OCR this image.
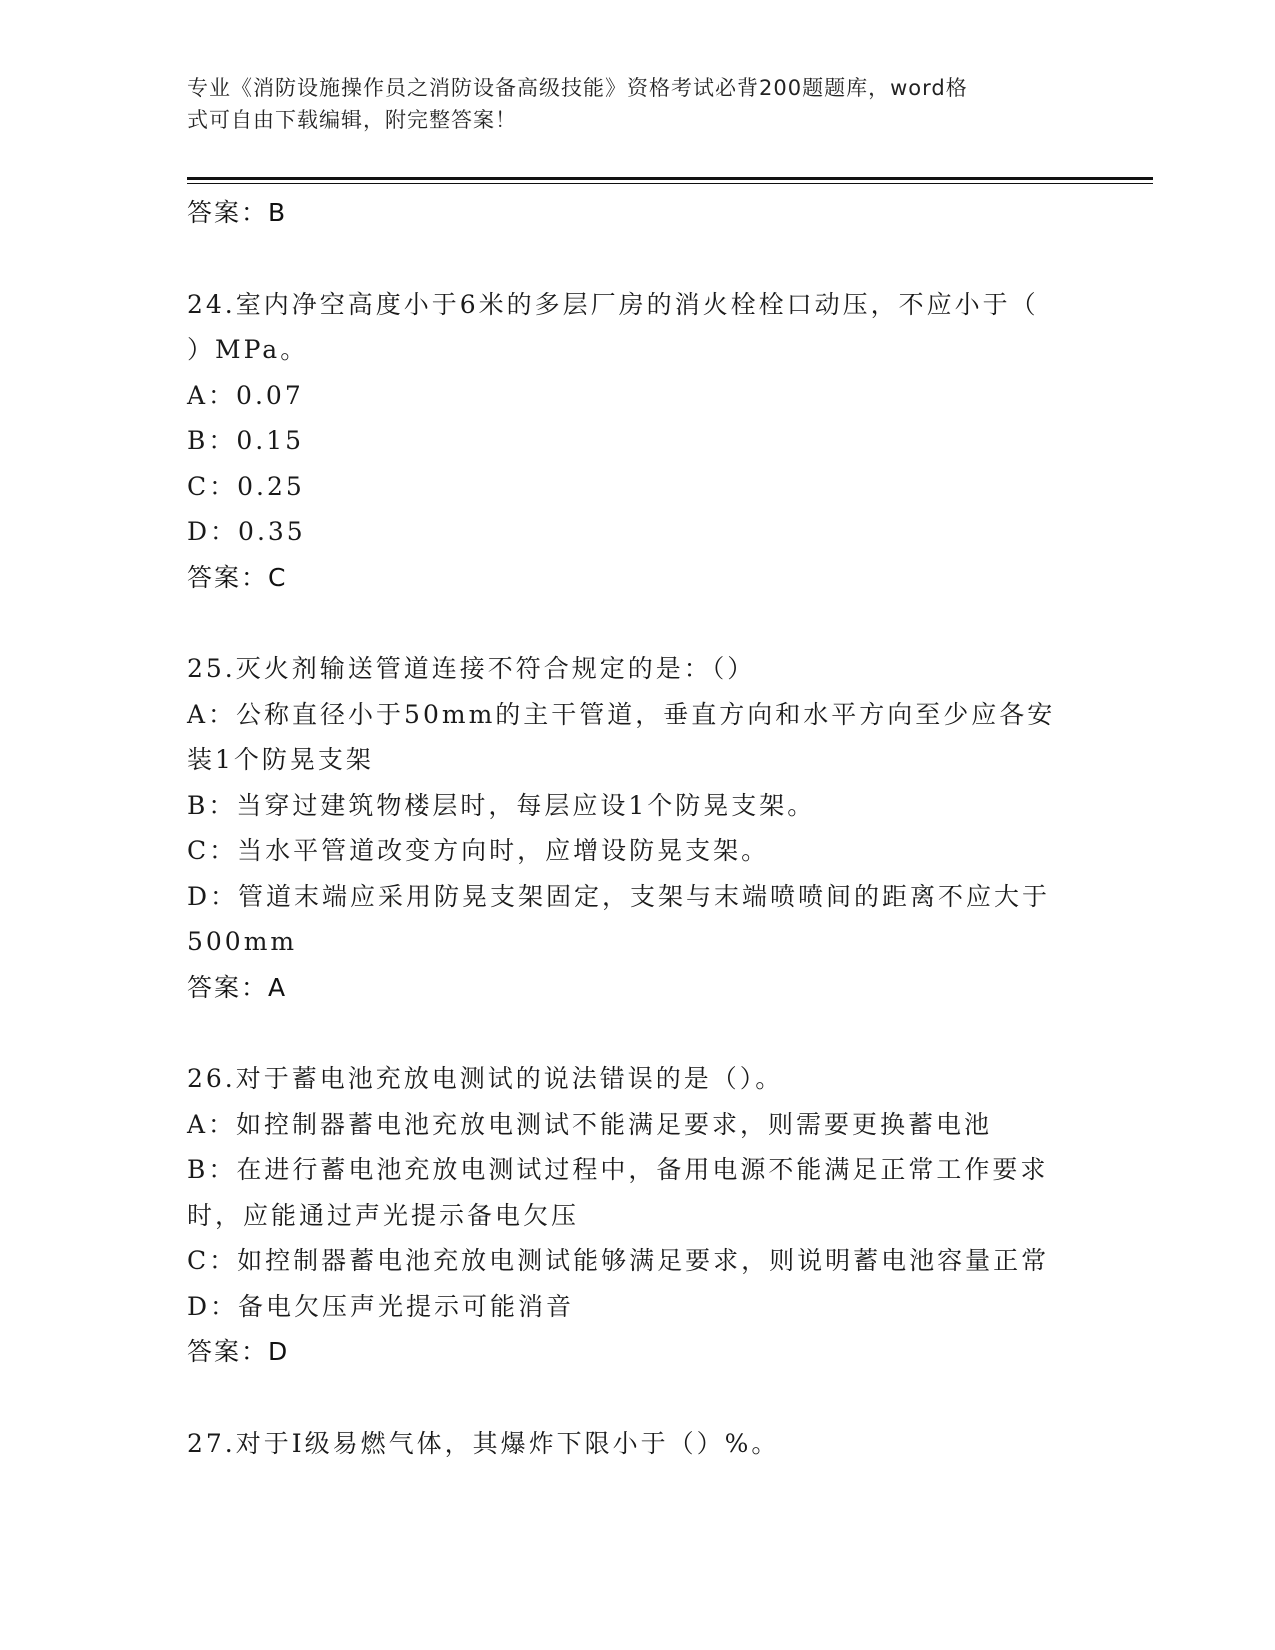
专业《消防设施操作员之消防设备高级技能》资格考试必背200题题库，word格
式可自由下载编辑，附完整答案！
答案：B
24.室内净空高度小于6米的多层厂房的消火栓栓口动压，不应小于（
）MPa。
A：0.07
B：0.15
C：0.25
D：0.35
答案：C
25.灭火剂输送管道连接不符合规定的是：（）
A：公称直径小于50mm的主干管道，垂直方向和水平方向至少应各安
装1个防晃支架
B：当穿过建筑物楼层时，每层应设1个防晃支架。
C：当水平管道改变方向时，应增设防晃支架。
D：管道末端应采用防晃支架固定，支架与末端喷喷间的距离不应大于
500mm
答案：A
26.对于蓄电池充放电测试的说法错误的是（）。
A：如控制器蓄电池充放电测试不能满足要求，则需要更换蓄电池
B：在进行蓄电池充放电测试过程中，备用电源不能满足正常工作要求
时，应能通过声光提示备电欠压
C：如控制器蓄电池充放电测试能够满足要求，则说明蓄电池容量正常
D：备电欠压声光提示可能消音
答案：D
27.对于Ⅰ级易燃气体，其爆炸下限小于（）%。
